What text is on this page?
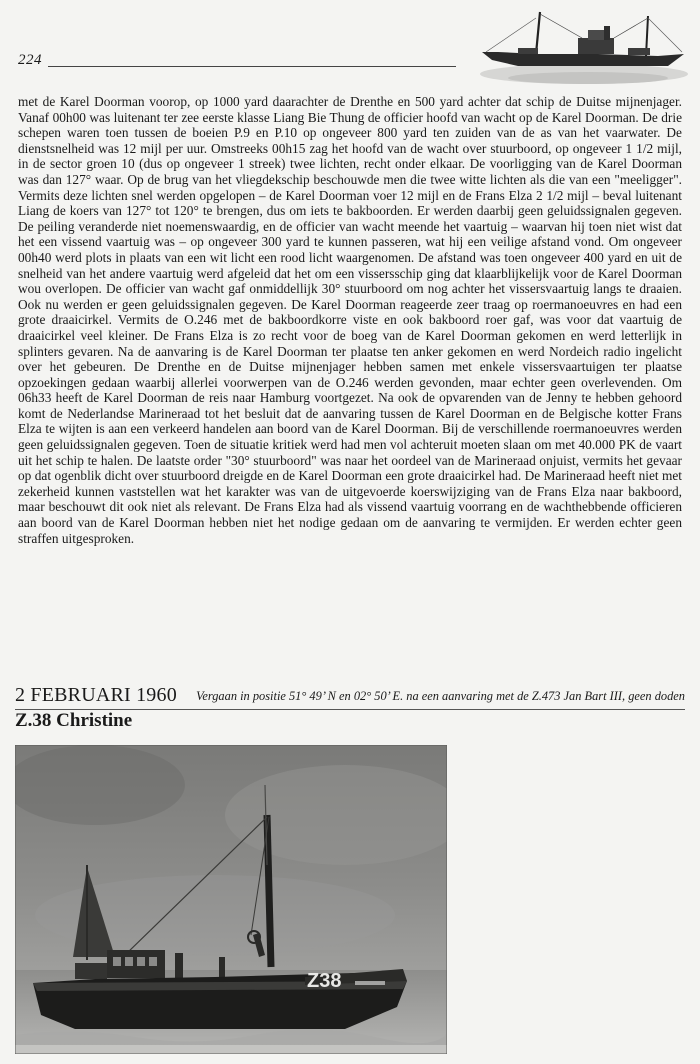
224

met de Karel Doorman voorop, op 1000 yard daarachter de Drenthe en 500 yard achter dat schip de Duitse mijnenjager. Vanaf 00h00 was luitenant ter zee eerste klasse Liang Bie Thung de officier hoofd van wacht op de Karel Doorman. De drie schepen waren toen tussen de boeien P.9 en P.10 op ongeveer 800 yard ten zuiden van de as van het vaarwater. De dienstsnelheid was 12 mijl per uur. Omstreeks 00h15 zag het hoofd van de wacht over stuurboord, op ongeveer 1 1/2 mijl, in de sector groen 10 (dus op ongeveer 1 streek) twee lichten, recht onder elkaar. De voorligging van de Karel Doorman was dan 127° waar. Op de brug van het vliegdekschip beschouwde men die twee witte lichten als die van een "meeligger". Vermits deze lichten snel werden opgelopen – de Karel Doorman voer 12 mijl en de Frans Elza 2 1/2 mijl – beval luitenant Liang de koers van 127° tot 120° te brengen, dus om iets te bakboorden. Er werden daarbij geen geluidssignalen gegeven. De peiling veranderde niet noemenswaardig, en de officier van wacht meende het vaartuig – waarvan hij toen niet wist dat het een vissend vaartuig was – op ongeveer 300 yard te kunnen passeren, wat hij een veilige afstand vond. Om ongeveer 00h40 werd plots in plaats van een wit licht een rood licht waargenomen. De afstand was toen ongeveer 400 yard en uit de snelheid van het andere vaartuig werd afgeleid dat het om een vissersschip ging dat klaarblijkelijk voor de Karel Doorman wou overlopen. De officier van wacht gaf onmiddellijk 30° stuurboord om nog achter het vissersvaartuig langs te draaien. Ook nu werden er geen geluidssignalen gegeven. De Karel Doorman reageerde zeer traag op roermanoeuvres en had een grote draaicirkel. Vermits de O.246 met de bakboordkorre viste en ook bakboord roer gaf, was voor dat vaartuig de draaicirkel veel kleiner. De Frans Elza is zo recht voor de boeg van de Karel Doorman gekomen en werd letterlijk in splinters gevaren. Na de aanvaring is de Karel Doorman ter plaatse ten anker gekomen en werd Nordeich radio ingelicht over het gebeuren. De Drenthe en de Duitse mijnenjager hebben samen met enkele vissersvaartuigen ter plaatse opzoekingen gedaan waarbij allerlei voorwerpen van de O.246 werden gevonden, maar echter geen overlevenden. Om 06h33 heeft de Karel Doorman de reis naar Hamburg voortgezet. Na ook de opvarenden van de Jenny te hebben gehoord komt de Nederlandse Marineraad tot het besluit dat de aanvaring tussen de Karel Doorman en de Belgische kotter Frans Elza te wijten is aan een verkeerd handelen aan boord van de Karel Doorman. Bij de verschillende roermanoeuvres werden geen geluidssignalen gegeven. Toen de situatie kritiek werd had men vol achteruit moeten slaan om met 40.000 PK de vaart uit het schip te halen. De laatste order "30° stuurboord" was naar het oordeel van de Marineraad onjuist, vermits het gevaar op dat ogenblik dicht over stuurboord dreigde en de Karel Doorman een grote draaicirkel had. De Marineraad heeft niet met zekerheid kunnen vaststellen wat het karakter was van de uitgevoerde koerswijziging van de Frans Elza naar bakboord, maar beschouwt dit ook niet als relevant. De Frans Elza had als vissend vaartuig voorrang en de wachthebbende officieren aan boord van de Karel Doorman hebben niet het nodige gedaan om de aanvaring te vermijden. Er werden echter geen straffen uitgesproken.

2 FEBRUARI 1960 Vergaan in positie 51° 49’ N en 02° 50’ E. na een aanvaring met de Z.473 Jan Bart III, geen doden
Z.38 Christine
Z38
